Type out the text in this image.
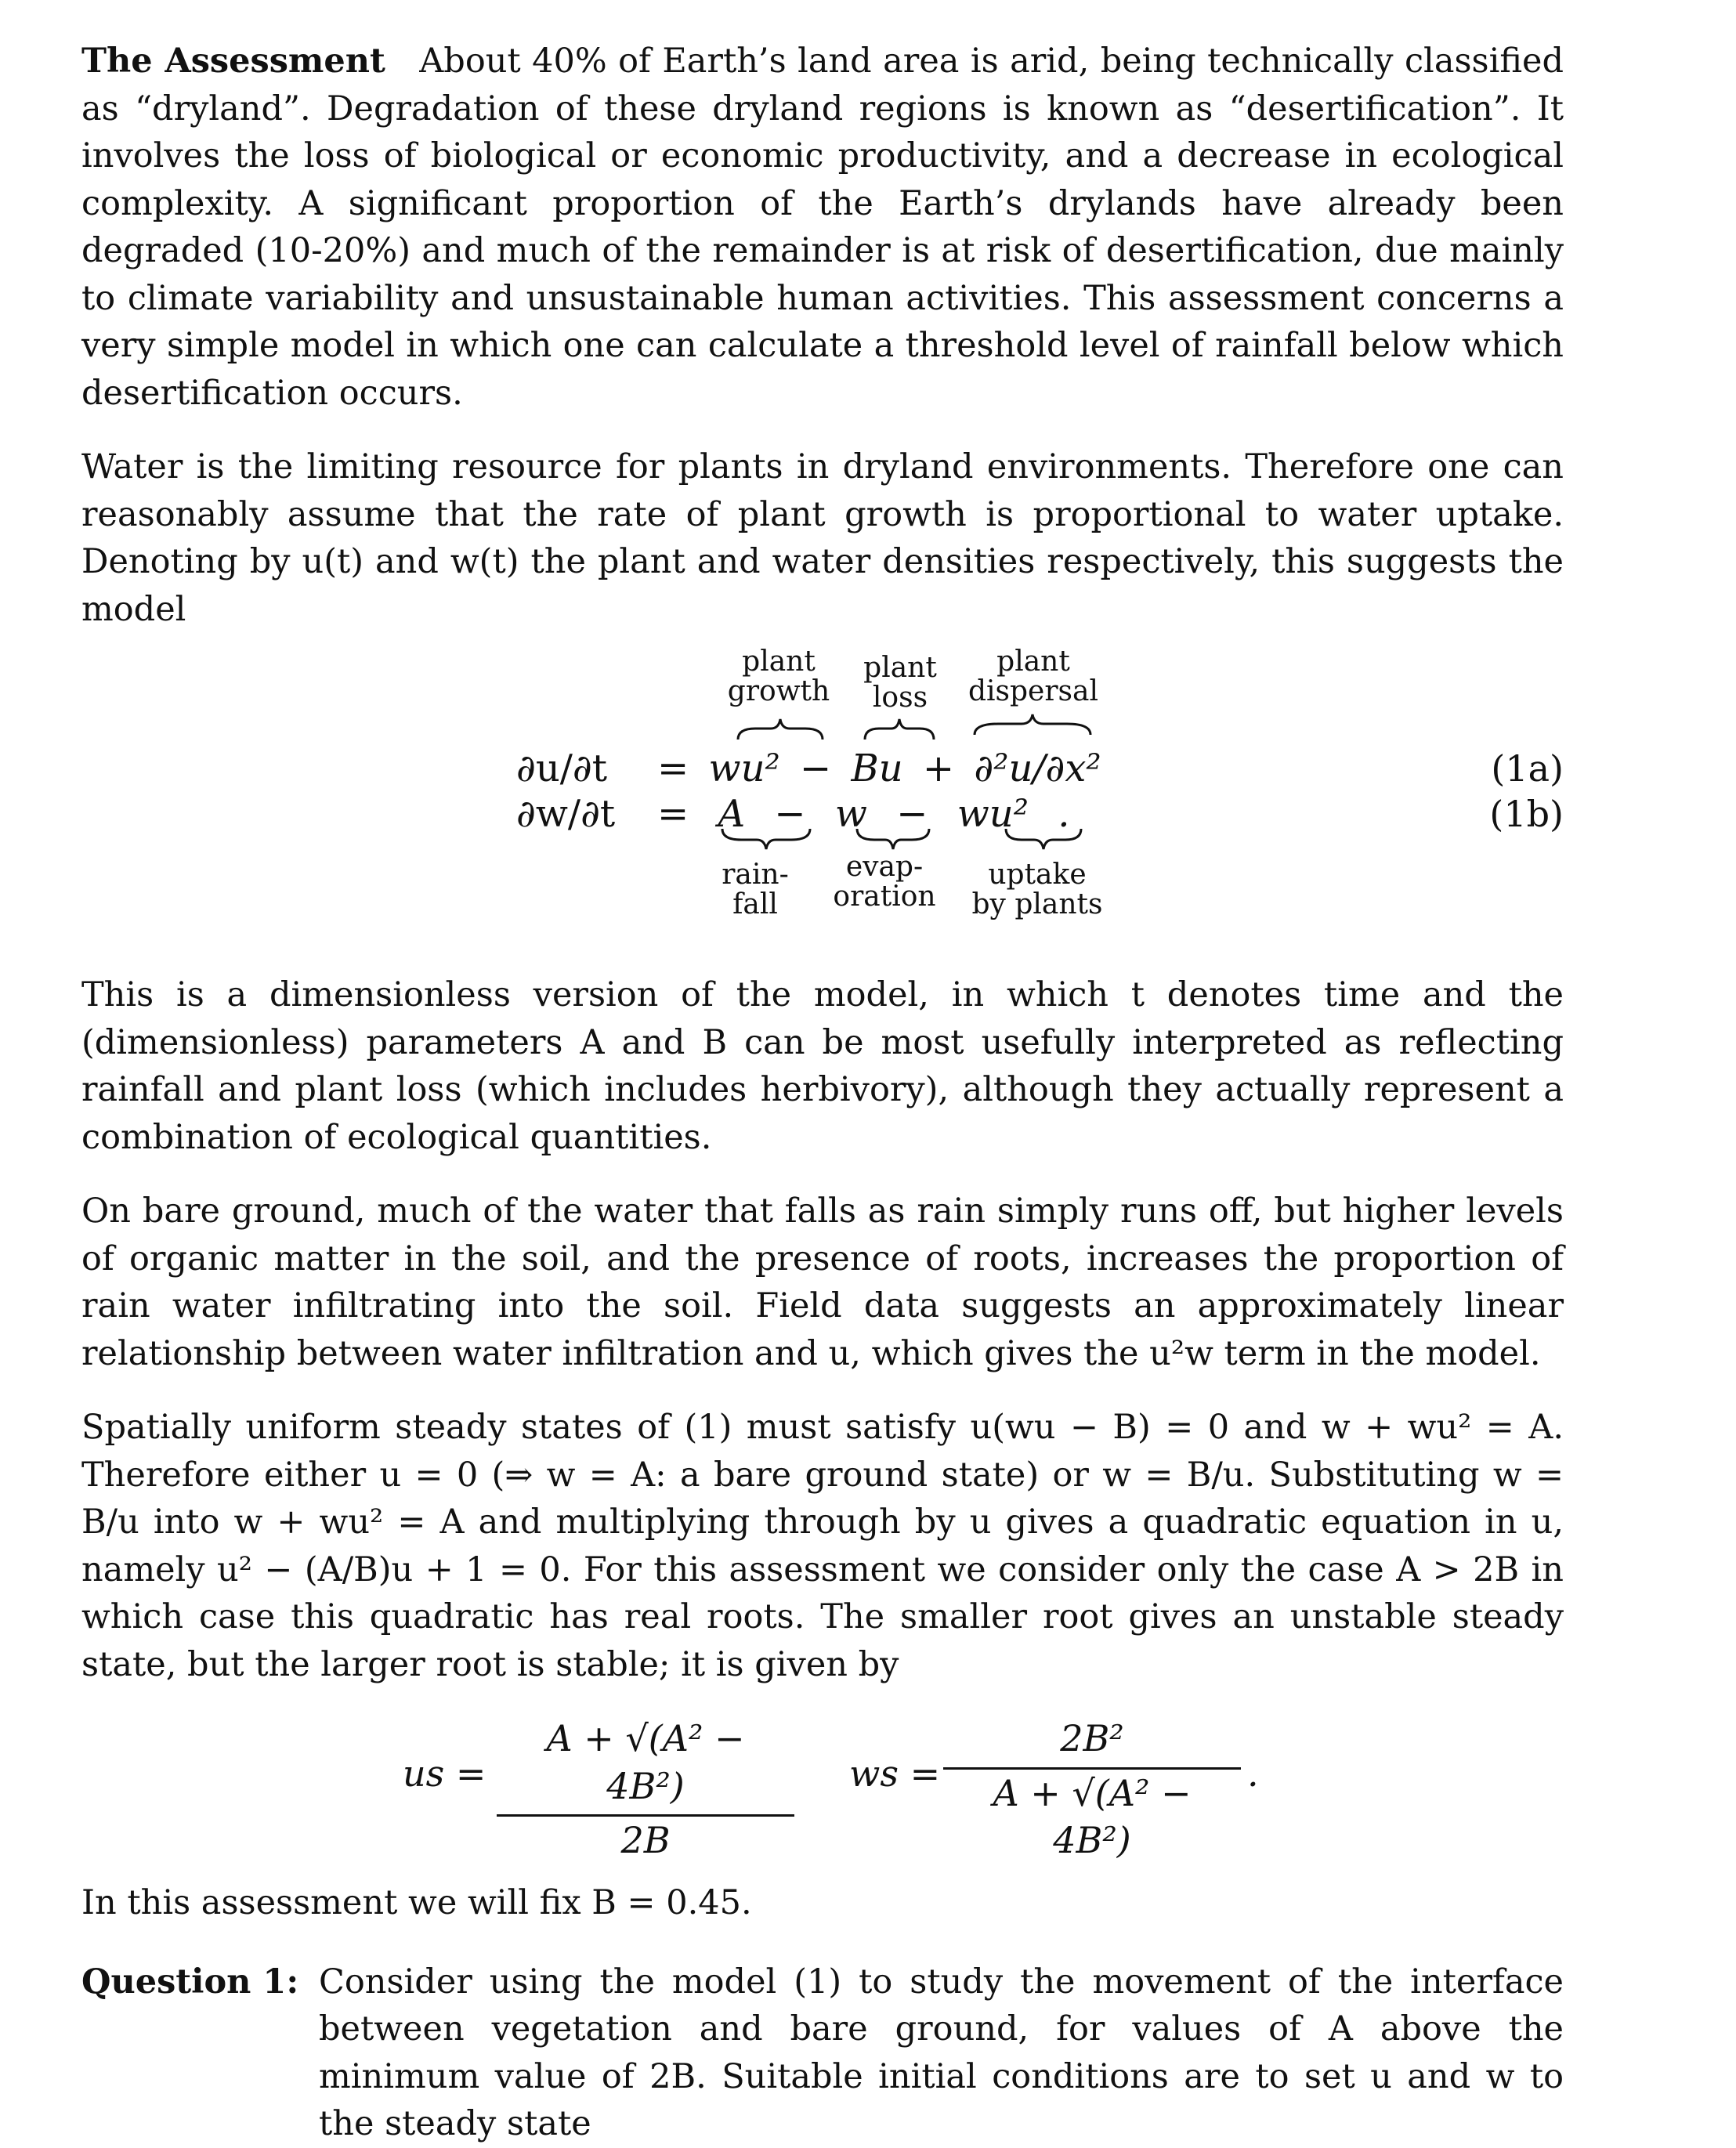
The Assessment About 40% of Earth’s land area is arid, being technically classified as “dryland”. Degradation of these dryland regions is known as “desertification”. It involves the loss of biological or economic productivity, and a decrease in ecological complexity. A significant proportion of the Earth’s drylands have already been degraded (10-20%) and much of the remainder is at risk of desertification, due mainly to climate variability and unsustainable human activities. This assessment concerns a very simple model in which one can calculate a threshold level of rainfall below which desertification occurs.

Water is the limiting resource for plants in dryland environments. Therefore one can reasonably assume that the rate of plant growth is proportional to water uptake. Denoting by u(t) and w(t) the plant and water densities respectively, this suggests the model

plant growth
plant loss
plant dispersal
∂u/∂t = wu² − Bu + ∂²u/∂x²	(1a)
∂w/∂t = A − w − wu² .	(1b)
rain-fall
evap-oration
uptake by plants

This is a dimensionless version of the model, in which t denotes time and the (dimensionless) parameters A and B can be most usefully interpreted as reflecting rainfall and plant loss (which includes herbivory), although they actually represent a combination of ecological quantities.

On bare ground, much of the water that falls as rain simply runs off, but higher levels of organic matter in the soil, and the presence of roots, increases the proportion of rain water infiltrating into the soil. Field data suggests an approximately linear relationship between water infiltration and u, which gives the u²w term in the model.

Spatially uniform steady states of (1) must satisfy u(wu − B) = 0 and w + wu² = A. Therefore either u = 0 (⇒ w = A: a bare ground state) or w = B/u. Substituting w = B/u into w + wu² = A and multiplying through by u gives a quadratic equation in u, namely u² − (A/B)u + 1 = 0. For this assessment we consider only the case A > 2B in which case this quadratic has real roots. The smaller root gives an unstable steady state, but the larger root is stable; it is given by

us = $\frac{\text{A + √(A² − 4B²)}}{2B}$ ws = $\frac{\text{2B²}}{\text{A + √(A² − 4B²)}}$ .

In this assessment we will fix B = 0.45.

Question 1: Consider using the model (1) to study the movement of the interface between vegetation and bare ground, for values of A above the minimum value of 2B. Suitable initial conditions are to set u and w to the steady state
